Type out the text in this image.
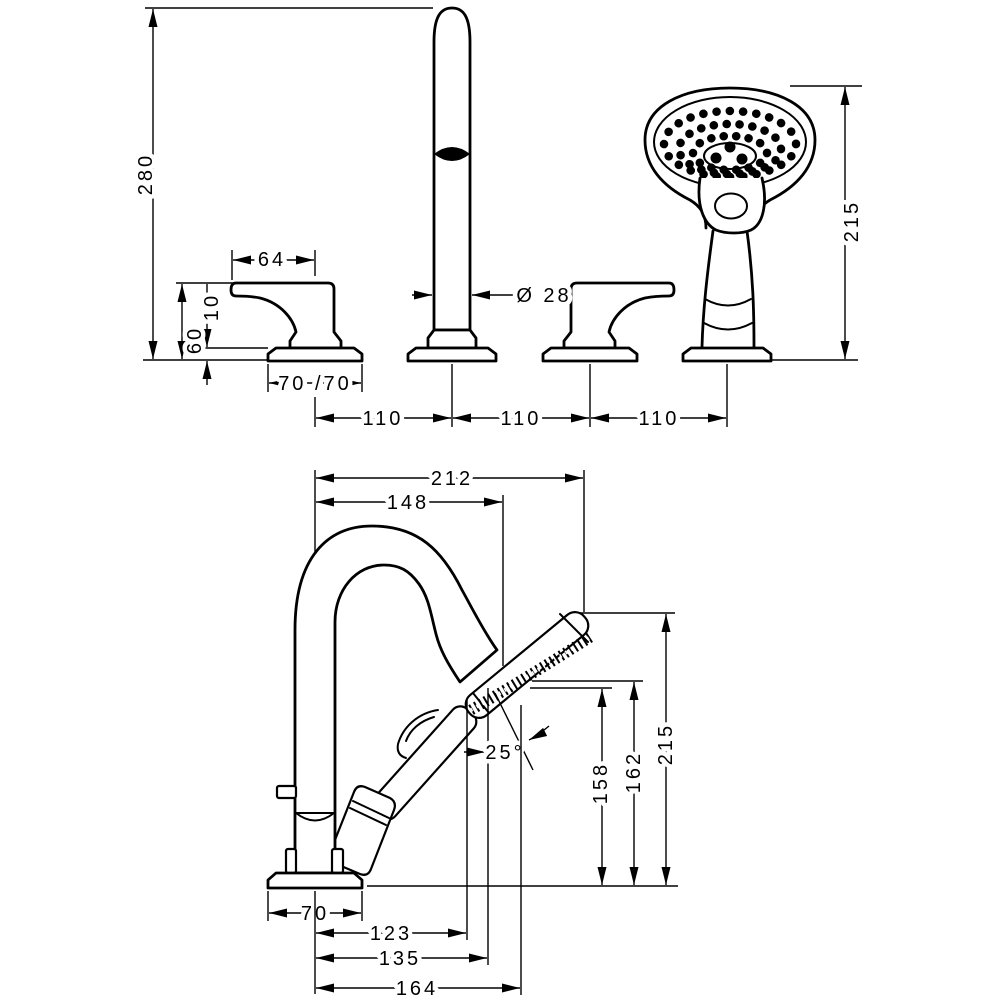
280
60
10
64
Ø 28
215
70 /70
110	110	110
212
148
25°
158 162
215
70
123
135
164
